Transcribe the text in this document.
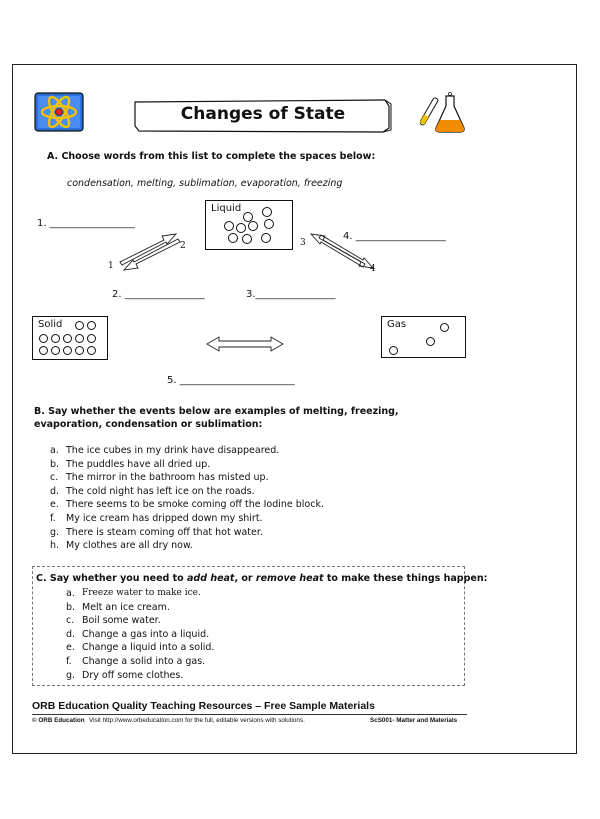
Changes of State
A. Choose words from this list to complete the spaces below:
condensation, melting, sublimation, evaporation, freezing
1. _________________
4. __________________
2. ________________	3.________________
5. _______________________
Liquid
Solid	Gas
1
2	3
4
B. Say whether the events below are examples of melting, freezing, evaporation, condensation or sublimation:
a. The ice cubes in my drink have disappeared.
b. The puddles have all dried up.
c. The mirror in the bathroom has misted up.
d. The cold night has left ice on the roads.
e. There seems to be smoke coming off the Iodine block.
f.	My ice cream has dripped down my shirt.
g. There is steam coming off that hot water.
h. My clothes are all dry now.
C. Say whether you need to add heat, or remove heat to make these things happen:
a. Freeze water to make ice.
b. Melt an ice cream.
c. Boil some water.
d. Change a gas into a liquid.
e. Change a liquid into a solid.
f.	Change a solid into a gas.
g. Dry off some clothes.
ORB Education Quality Teaching Resources – Free Sample Materials
© ORB Education Visit http://www.orbeducation.com for the full, editable versions with solutions.	ScS001- Matter and Materials
